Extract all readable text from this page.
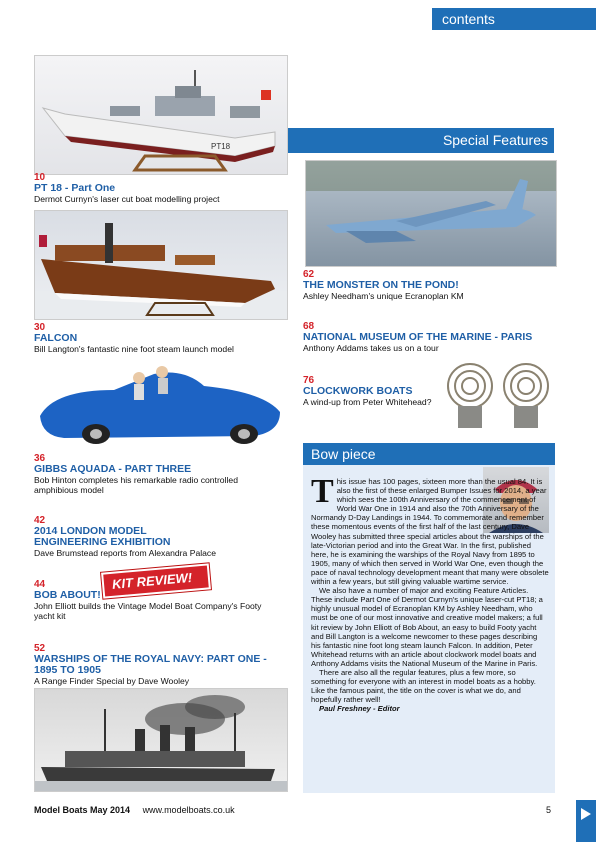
contents
PT18	Special Features
10
PT 18 - Part One
Dermot Curnyn's laser cut boat modelling project
30
FALCON
Bill Langton's fantastic nine foot steam launch model
36
GIBBS AQUADA - PART THREE
Bob Hinton completes his remarkable radio controlled amphibious model
42
2014 LONDON MODEL ENGINEERING EXHIBITION
Dave Brumstead reports from Alexandra Palace
44
BOB ABOUT!
John Elliott builds the Vintage Model Boat Company's Footy yacht kit
KIT REVIEW!
52
WARSHIPS OF THE ROYAL NAVY: PART ONE - 1895 TO 1905
A Range Finder Special by Dave Wooley
62
THE MONSTER ON THE POND!
Ashley Needham's unique Ecranoplan KM
68
NATIONAL MUSEUM OF THE MARINE - PARIS
Anthony Addams takes us on a tour
76
CLOCKWORK BOATS
A wind-up from Peter Whitehead?
Bow piece
T his issue has 100 pages, sixteen more than the usual 84. It is also the first of these enlarged Bumper Issues for 2014, a year which sees the 100th Anniversary of the commencement of World War One in 1914 and also the 70th Anniversary of the Normandy D-Day Landings in 1944. To commemorate and remember these momentous events of the first half of the last century, Dave Wooley has submitted three special articles about the warships of the late-Victorian period and into the Great War. In the first, published here, he is examining the warships of the Royal Navy from 1895 to 1905, many of which then served in World War One, even though the pace of naval technology development meant that many were obsolete within a few years, but still giving valuable wartime service.
We also have a number of major and exciting Feature Articles. These include Part One of Dermot Curnyn's unique laser-cut PT18; a highly unusual model of Ecranoplan KM by Ashley Needham, who must be one of our most innovative and creative model makers; a full kit review by John Elliott of Bob About, an easy to build Footy yacht and Bill Langton is a welcome newcomer to these pages describing his fantastic nine foot long steam launch Falcon. In addition, Peter Whitehead returns with an article about clockwork model boats and Anthony Addams visits the National Museum of the Marine in Paris.
There are also all the regular features, plus a few more, so something for everyone with an interest in model boats as a hobby. Like the famous paint, the title on the cover is what we do, and hopefully rather well!
Paul Freshney - Editor
Model Boats May 2014 www.modelboats.co.uk	5
